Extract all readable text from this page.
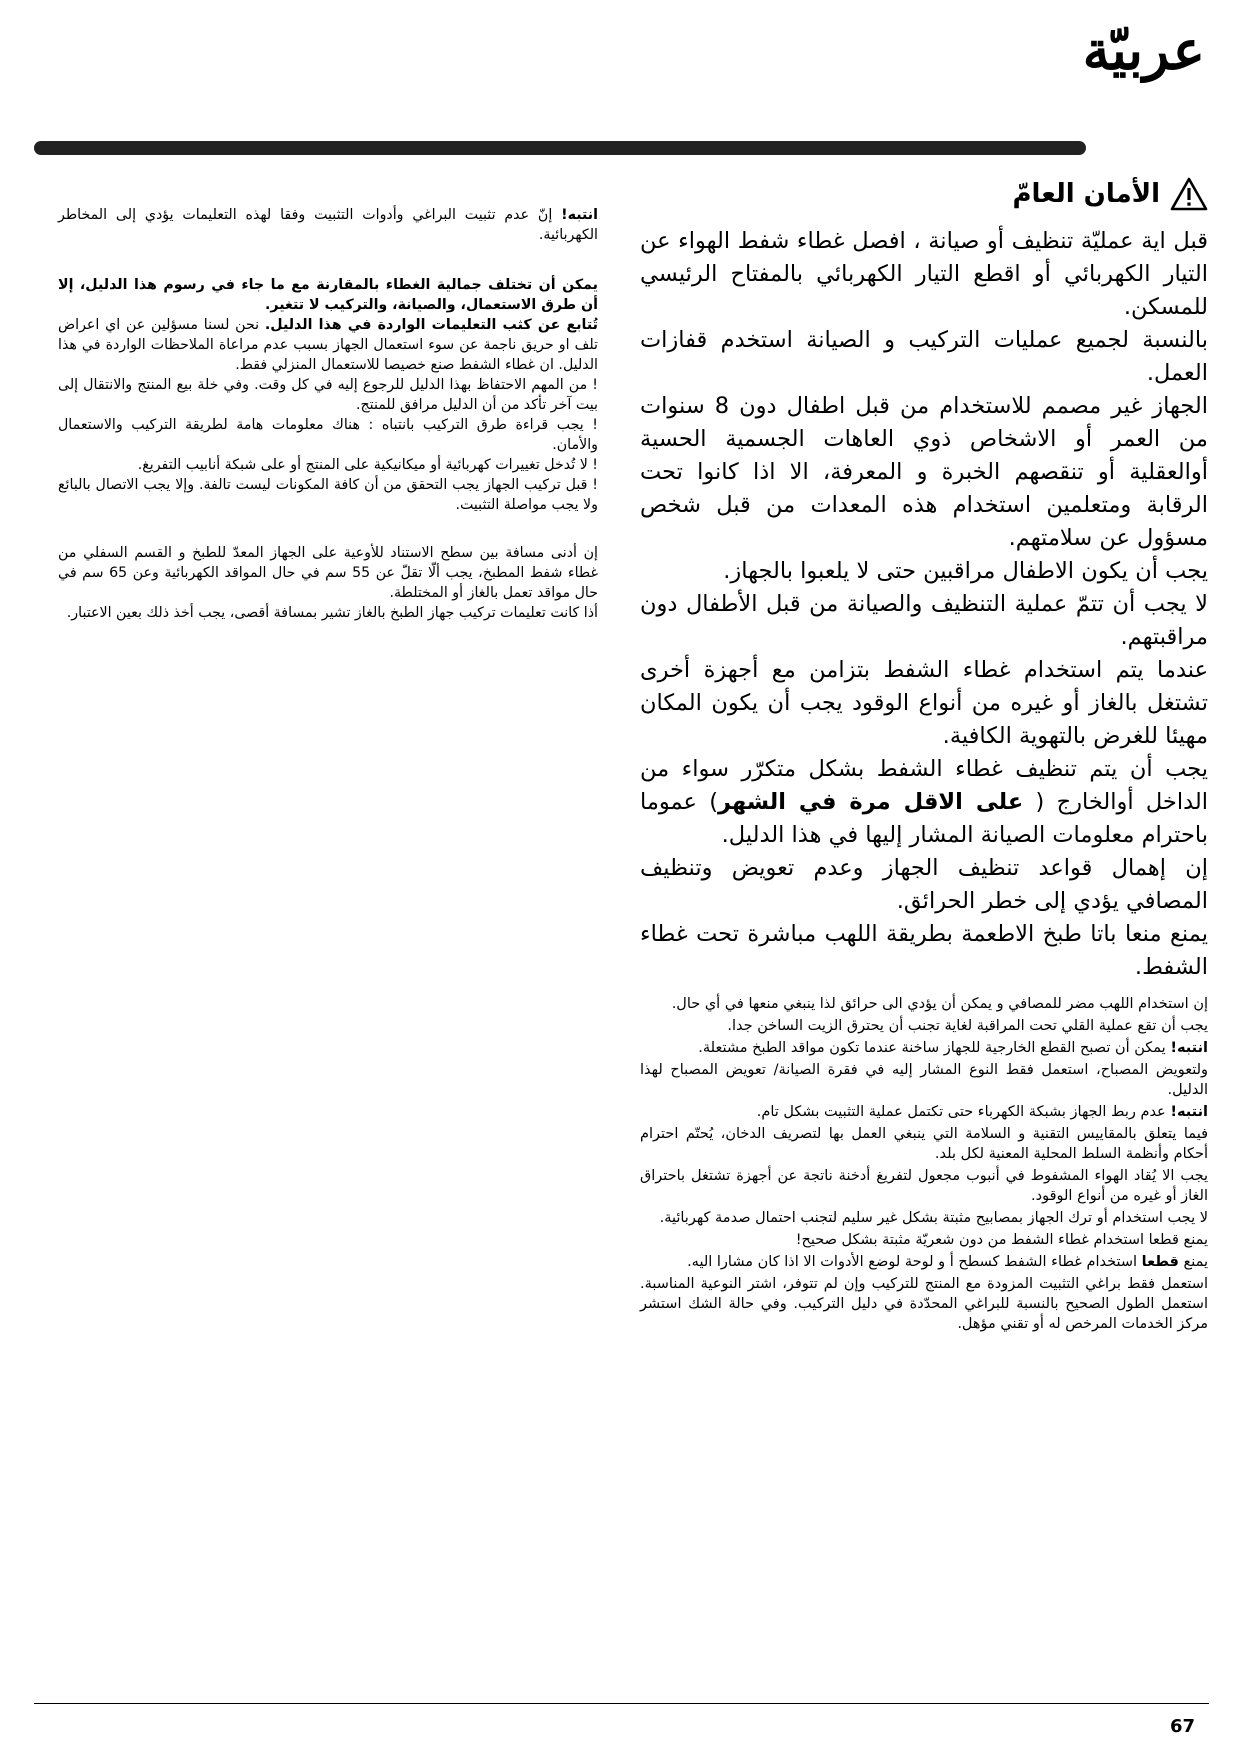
عربيّة
الأمان العامّ

قبل اية عمليّة تنظيف أو صيانة ، افصل غطاء شفط الهواء عن التيار الكهربائي أو اقطع التيار الكهربائي بالمفتاح الرئيسي للمسكن.

بالنسبة لجميع عمليات التركيب و الصيانة استخدم قفازات العمل.

الجهاز غير مصمم للاستخدام من قبل اطفال دون 8 سنوات من العمر أو الاشخاص ذوي العاهات الجسمية الحسية أوالعقلية أو تنقصهم الخبرة و المعرفة، الا اذا كانوا تحت الرقابة ومتعلمين استخدام هذه المعدات من قبل شخص مسؤول عن سلامتهم.

يجب أن يكون الاطفال مراقبين حتى لا يلعبوا بالجهاز.

لا يجب أن تتمّ عملية التنظيف والصيانة من قبل الأطفال دون مراقبتهم.

عندما يتم استخدام غطاء الشفط بتزامن مع أجهزة أخرى تشتغل بالغاز أو غيره من أنواع الوقود يجب أن يكون المكان مهيئا للغرض بالتهوية الكافية.

يجب أن يتم تنظيف غطاء الشفط بشكل متكرّر سواء من الداخل أوالخارج ( على الاقل مرة في الشهر) عموما باحترام معلومات الصيانة المشار إليها في هذا الدليل.

إن إهمال قواعد تنظيف الجهاز وعدم تعويض وتنظيف المصافي يؤدي إلى خطر الحرائق.

يمنع منعا باتا طبخ الاطعمة بطريقة اللهب مباشرة تحت غطاء الشفط.

إن استخدام اللهب مضر للمصافي و يمكن أن يؤدي الى حرائق لذا ينبغي منعها في أي حال.

يجب أن تقع عملية القلي تحت المراقبة لغاية تجنب أن يحترق الزيت الساخن جدا.

انتبه! يمكن أن تصبح القطع الخارجية للجهاز ساخنة عندما تكون مواقد الطبخ مشتعلة.

ولتعويض المصباح، استعمل فقط النوع المشار إليه في فقرة الصيانة/ تعويض المصباح لهذا الدليل.

انتبه! عدم ربط الجهاز بشبكة الكهرباء حتى تكتمل عملية التثبيت بشكل تام.

فيما يتعلق بالمقاييس التقنية و السلامة التي ينبغي العمل بها لتصريف الدخان، يُحتّم احترام أحكام وأنظمة السلط المحلية المعنية لكل بلد.

يجب الا يُقاد الهواء المشفوط في أنبوب مجعول لتفريغ أدخنة ناتجة عن أجهزة تشتغل باحتراق الغاز أو غيره من أنواع الوقود.

لا يجب استخدام أو ترك الجهاز بمصابيح مثبتة بشكل غير سليم لتجنب احتمال صدمة كهربائية.

يمنع قطعا استخدام غطاء الشفط من دون شعريّة مثبتة بشكل صحيح!

يمنع قطعا استخدام غطاء الشفط كسطح أ و لوحة لوضع الأدوات الا اذا كان مشارا اليه.

استعمل فقط براغي التثبيت المزودة مع المنتج للتركيب وإن لم تتوفر، اشتر النوعية المناسبة. استعمل الطول الصحيح بالنسبة للبراغي المحدّدة في دليل التركيب. وفي حالة الشك استشر مركز الخدمات المرخص له أو تقني مؤهل.

انتبه! إنّ عدم تثبيت البراغي وأدوات التثبيت وفقا لهذه التعليمات يؤدي إلى المخاطر الكهربائية.

يمكن أن تختلف جمالية الغطاء بالمقارنة مع ما جاء في رسوم هذا الدليل، إلا أن طرق الاستعمال، والصيانة، والتركيب لا تتغير.

تُتابع عن كثب التعليمات الواردة في هذا الدليل. نحن لسنا مسؤلين عن اي اعراض تلف او حريق ناجمة عن سوء استعمال الجهاز بسبب عدم مراعاة الملاحظات الواردة في هذا الدليل. ان غطاء الشفط صنع خصيصا للاستعمال المنزلي فقط.

! من المهم الاحتفاظ بهذا الدليل للرجوع إليه في كل وقت. وفي خلة بيع المنتج والانتقال إلى بيت آخر تأكد من أن الدليل مرافق للمنتج.

! يجب قراءة طرق التركيب بانتباه : هناك معلومات هامة لطريقة التركيب والاستعمال والأمان.

! لا تُدخل تغييرات كهربائية أو ميكانيكية على المنتج أو على شبكة أنابيب التفريغ.

! قبل تركيب الجهاز يجب التحقق من أن كافة المكونات ليست تالفة. وإلا يجب الاتصال بالبائع ولا يجب مواصلة التثبيت.

إن أدنى مسافة بين سطح الاستناد للأوعية على الجهاز المعدّ للطبخ و القسم السفلي من غطاء شفط المطبخ، يجب ألّا تقلّ عن 55 سم في حال المواقد الكهربائية وعن 65 سم في حال مواقد تعمل بالغاز أو المختلطة.

أذا كانت تعليمات تركيب جهاز الطبخ بالغاز تشير بمسافة أقصى، يجب أخذ ذلك بعين الاعتبار.

67
